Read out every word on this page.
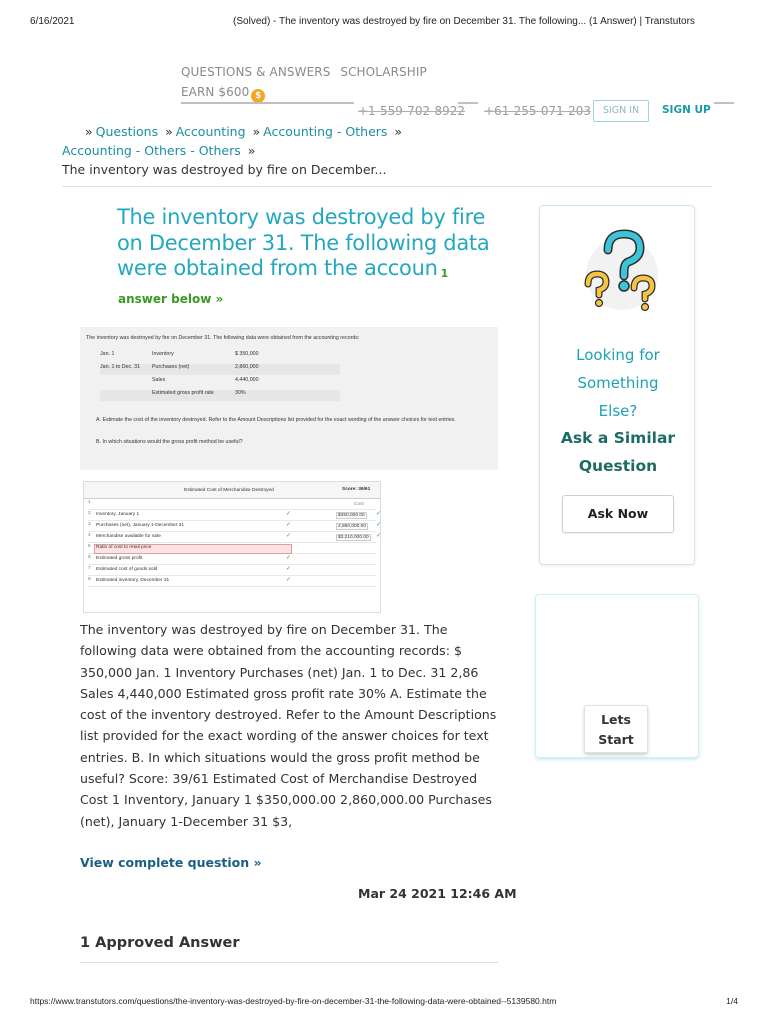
6/16/2021	(Solved) - The inventory was destroyed by fire on December 31. The following... (1 Answer) | Transtutors
QUESTIONS & ANSWERS SCHOLARSHIP
EARN $600 $
+1-559-702-8922 +61-255-071-203	SIGN IN	SIGN UP
» Questions » Accounting » Accounting - Others »
Accounting - Others - Others »
The inventory was destroyed by fire on December...
The inventory was destroyed by fire on December 31. The following data were obtained from the accoun 1
answer below »
The inventory was destroyed by fire on December 31. The following data were obtained from the accounting records:
Jan. 1	Inventory	$ 350,000
Jan. 1 to Dec. 31 Purchases (net)	2,860,000
Sales	4,440,000
Estimated gross profit rate	30%
A. Estimate the cost of the inventory destroyed. Refer to the Amount Descriptions list provided for the exact wording of the answer choices for text entries.
B. In which situations would the gross profit method be useful?
Estimated Cost of Merchandise Destroyed	Score: 39/61
Cost
1
2 Inventory, January 1	✓	$350,000.00	✓
3 Purchases (net), January 1-December 31	✓	2,860,000.00	✓
4 Merchandise available for sale	✓	$3,210,000.00	✓
5 Ratio of cost to retail price
6 Estimated gross profit	✓
7 Estimated cost of goods sold	✓
8 Estimated inventory, December 31	✓

The inventory was destroyed by fire on December 31. The following data were obtained from the accounting records: $ 350,000 Jan. 1 Inventory Purchases (net) Jan. 1 to Dec. 31 2,86 Sales 4,440,000 Estimated gross profit rate 30% A. Estimate the cost of the inventory destroyed. Refer to the Amount Descriptions list provided for the exact wording of the answer choices for text entries. B. In which situations would the gross profit method be useful? Score: 39/61 Estimated Cost of Merchandise Destroyed Cost 1 Inventory, January 1 $350,000.00 2,860,000.00 Purchases (net), January 1-December 31 $3,

View complete question »
Mar 24 2021 12:46 AM
1 Approved Answer
Looking for
Something
Else?
Ask a Similar
Question
Ask Now
Lets
Start
https://www.transtutors.com/questions/the-inventory-was-destroyed-by-fire-on-december-31-the-following-data-were-obtained--5139580.htm	1/4
